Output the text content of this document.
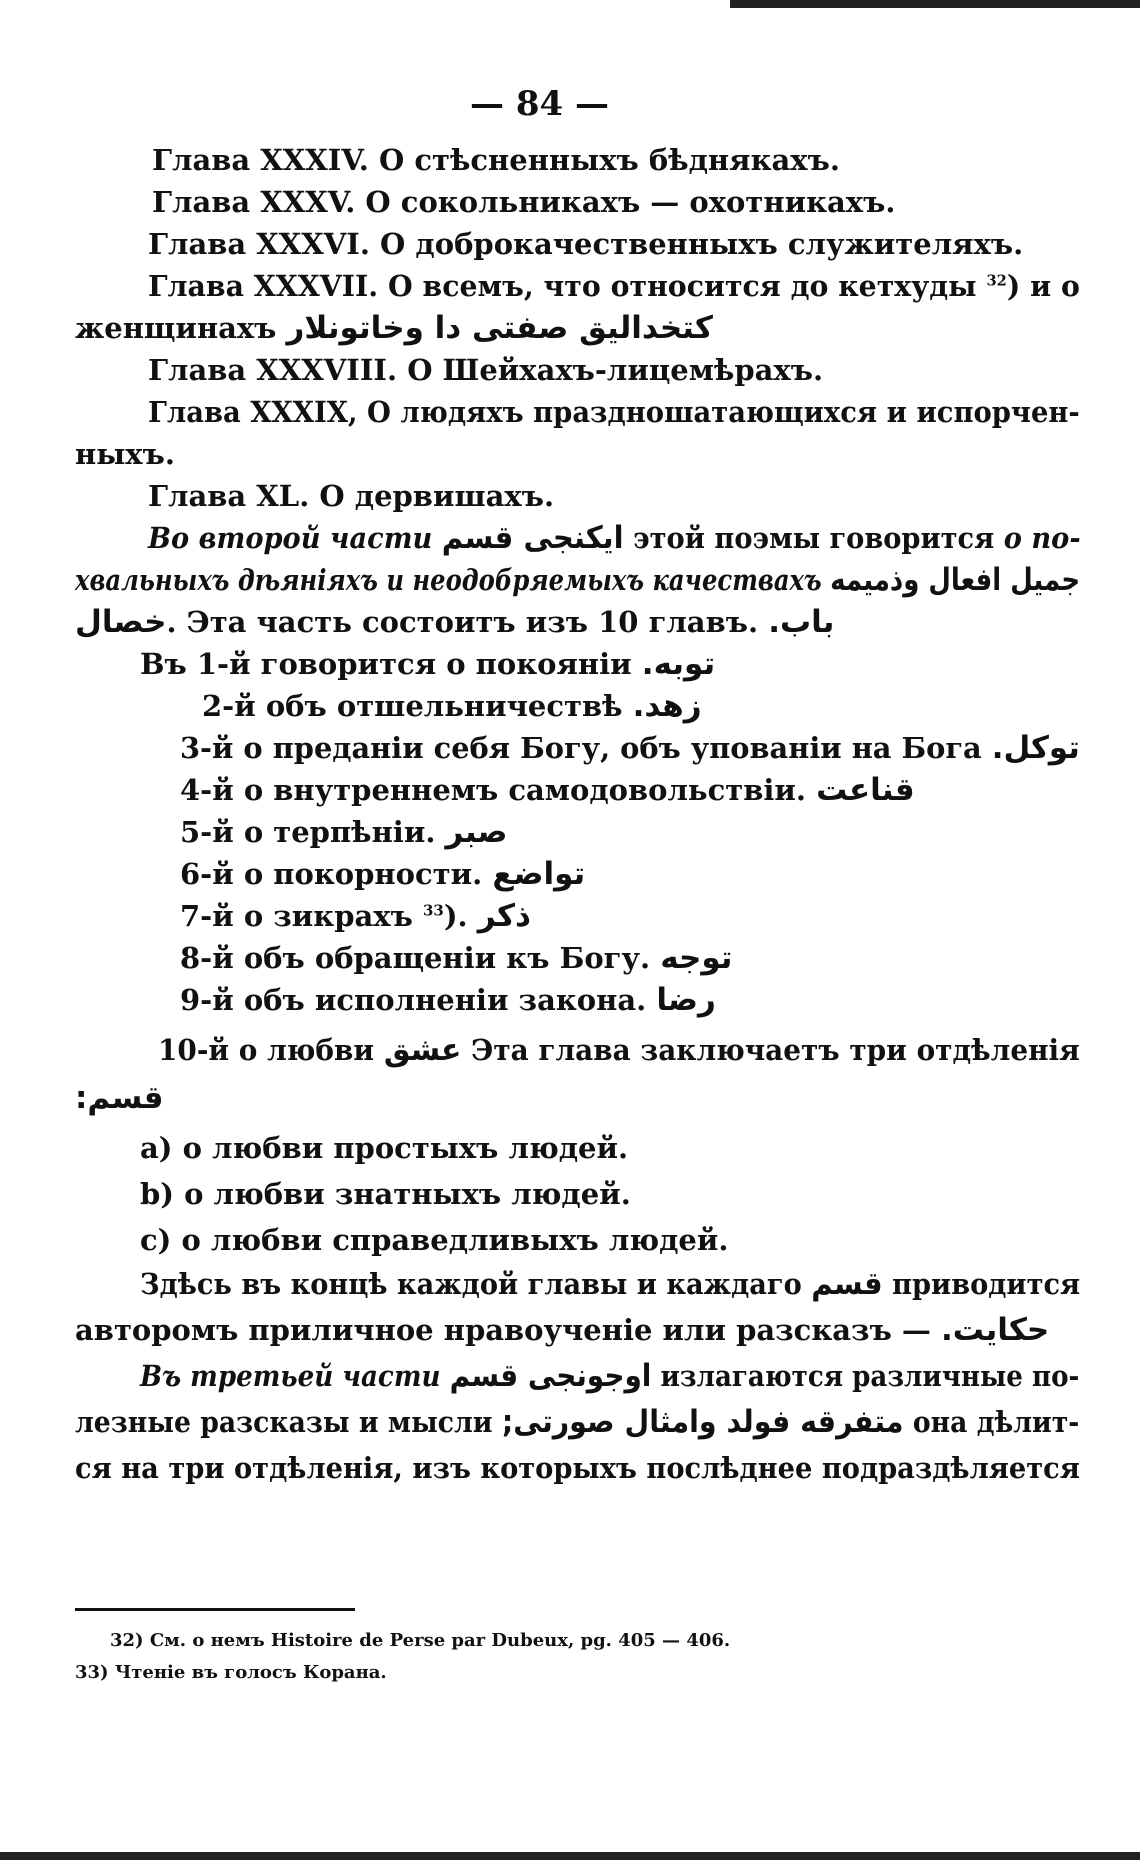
— 84 —
Глава XXXIV. О стѣсненныхъ бѣднякахъ.
Глава XXXV. О сокольникахъ — охотникахъ.
Глава XXXVI. О доброкачественныхъ служителяхъ.
Глава XXXVII. О всемъ, что относится до кетхуды $^{32}$) и о
женщинахъ کتخدالیق صفتی دا وخاتونلار
Глава XXXVIII. О Шейхахъ-лицемѣрахъ.
Глава XXXIX, О людяхъ праздношатающихся и испорчен-
ныхъ.
Глава XL. О дервишахъ.
Во второй части ایکنجی قسم этой поэмы говорится о по-
хвальныхъ дѣяніяхъ и неодобряемыхъ качествахъ جمیل افعال وذمیمه
خصال. Эта часть состоитъ изъ 10 главъ. باب.
Въ 1-й говорится о покояніи توبه.
2-й объ отшельничествѣ زهد.
3-й о преданіи себя Богу, объ упованіи на Бога توکل.
4-й о внутреннемъ самодовольствіи. قناعت
5-й о терпѣніи. صبر
6-й о покорности. تواضع
7-й о зикрахъ $^{33}$). ذکر
8-й объ обращеніи къ Богу. توجه
9-й объ исполненіи закона. رضا
10-й о любви عشق Эта глава заключаетъ три отдѣленія
قسم:
a) о любви простыхъ людей.
b) о любви знатныхъ людей.
c) о любви справедливыхъ людей.
Здѣсь въ концѣ каждой главы и каждаго قسم приводится
авторомъ приличное нравоученіе или разсказъ — حکایت.
Въ третьей части اوجونجی قسم излагаются различные по-
лезные разсказы и мысли متفرقه فولد وامثال صورتی; она дѣлит-
ся на три отдѣленія, изъ которыхъ послѣднее подраздѣляется
32) См. о немъ Histoire de Perse par Dubeux, pg. 405 — 406.
33) Чтеніе въ голосъ Корана.
